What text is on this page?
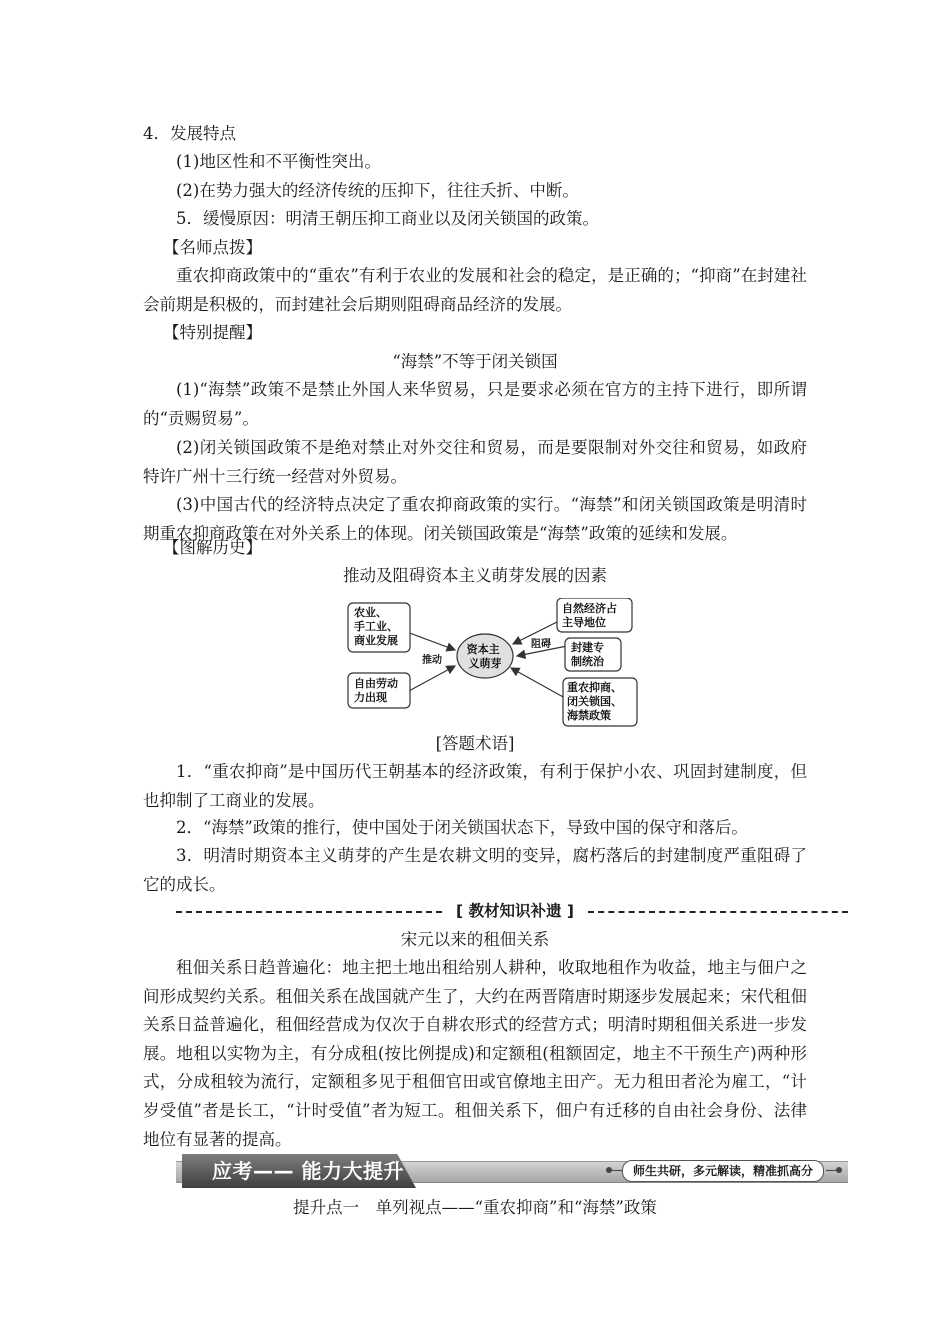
4．发展特点

(1)地区性和不平衡性突出。

(2)在势力强大的经济传统的压抑下，往往夭折、中断。

5．缓慢原因：明清王朝压抑工商业以及闭关锁国的政策。

【名师点拨】

重农抑商政策中的“重农”有利于农业的发展和社会的稳定，是正确的；“抑商”在封建社会前期是积极的，而封建社会后期则阻碍商品经济的发展。

【特别提醒】

“海禁”不等于闭关锁国

(1)“海禁”政策不是禁止外国人来华贸易，只是要求必须在官方的主持下进行，即所谓的“贡赐贸易”。

(2)闭关锁国政策不是绝对禁止对外交往和贸易，而是要限制对外交往和贸易，如政府特许广州十三行统一经营对外贸易。

(3)中国古代的经济特点决定了重农抑商政策的实行。“海禁”和闭关锁国政策是明清时期重农抑商政策在对外关系上的体现。闭关锁国政策是“海禁”政策的延续和发展。

【图解历史】

推动及阻碍资本主义萌芽发展的因素

资本主 义萌芽
农业、 手工业、 商业发展
自由劳动 力出现
自然经济占 主导地位
封建专 制统治
重农抑商、 闭关锁国、 海禁政策
推动
阻碍

[答题术语]

1．“重农抑商”是中国历代王朝基本的经济政策，有利于保护小农、巩固封建制度，但也抑制了工商业的发展。

2．“海禁”政策的推行，使中国处于闭关锁国状态下，导致中国的保守和落后。

3．明清时期资本主义萌芽的产生是农耕文明的变异，腐朽落后的封建制度严重阻碍了它的成长。

[ 教材知识补遗 ]

宋元以来的租佃关系

租佃关系日趋普遍化：地主把土地出租给别人耕种，收取地租作为收益，地主与佃户之间形成契约关系。租佃关系在战国就产生了，大约在两晋隋唐时期逐步发展起来；宋代租佃关系日益普遍化，租佃经营成为仅次于自耕农形式的经营方式；明清时期租佃关系进一步发展。地租以实物为主，有分成租(按比例提成)和定额租(租额固定，地主不干预生产)两种形式，分成租较为流行，定额租多见于租佃官田或官僚地主田产。无力租田者沦为雇工，“计岁受值”者是长工，“计时受值”者为短工。租佃关系下，佃户有迁移的自由社会身份、法律地位有显著的提高。

应考—— 能力大提升	师生共研，多元解读，精准抓高分

提升点一　单列视点——“重农抑商”和“海禁”政策
